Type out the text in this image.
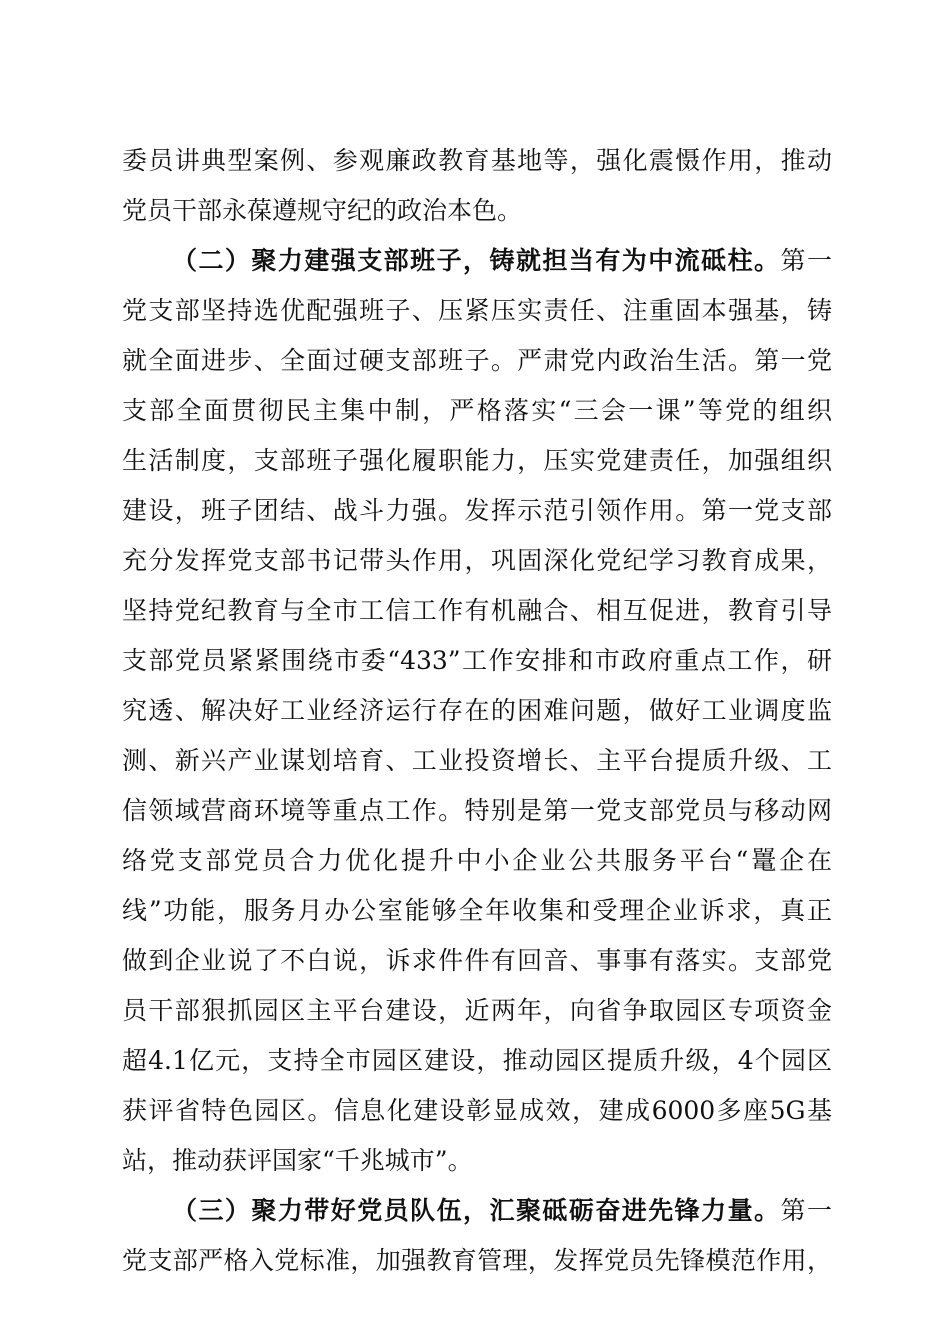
委员讲典型案例、参观廉政教育基地等，强化震慑作用，推动
党员干部永葆遵规守纪的政治本色。
（二）聚力建强支部班子，铸就担当有为中流砥柱。第一
党支部坚持选优配强班子、压紧压实责任、注重固本强基，铸
就全面进步、全面过硬支部班子。严肃党内政治生活。第一党
支部全面贯彻民主集中制，严格落实“三会一课”等党的组织
生活制度，支部班子强化履职能力，压实党建责任，加强组织
建设，班子团结、战斗力强。发挥示范引领作用。第一党支部
充分发挥党支部书记带头作用，巩固深化党纪学习教育成果，
坚持党纪教育与全市工信工作有机融合、相互促进，教育引导
支部党员紧紧围绕市委“433”工作安排和市政府重点工作，研
究透、解决好工业经济运行存在的困难问题，做好工业调度监
测、新兴产业谋划培育、工业投资增长、主平台提质升级、工
信领域营商环境等重点工作。特别是第一党支部党员与移动网
络党支部党员合力优化提升中小企业公共服务平台“鼍企在
线”功能，服务月办公室能够全年收集和受理企业诉求，真正
做到企业说了不白说，诉求件件有回音、事事有落实。支部党
员干部狠抓园区主平台建设，近两年，向省争取园区专项资金
超4.1亿元，支持全市园区建设，推动园区提质升级，4个园区
获评省特色园区。信息化建设彰显成效，建成6000多座5G基
站，推动获评国家“千兆城市”。
（三）聚力带好党员队伍，汇聚砥砺奋进先锋力量。第一
党支部严格入党标准，加强教育管理，发挥党员先锋模范作用，
